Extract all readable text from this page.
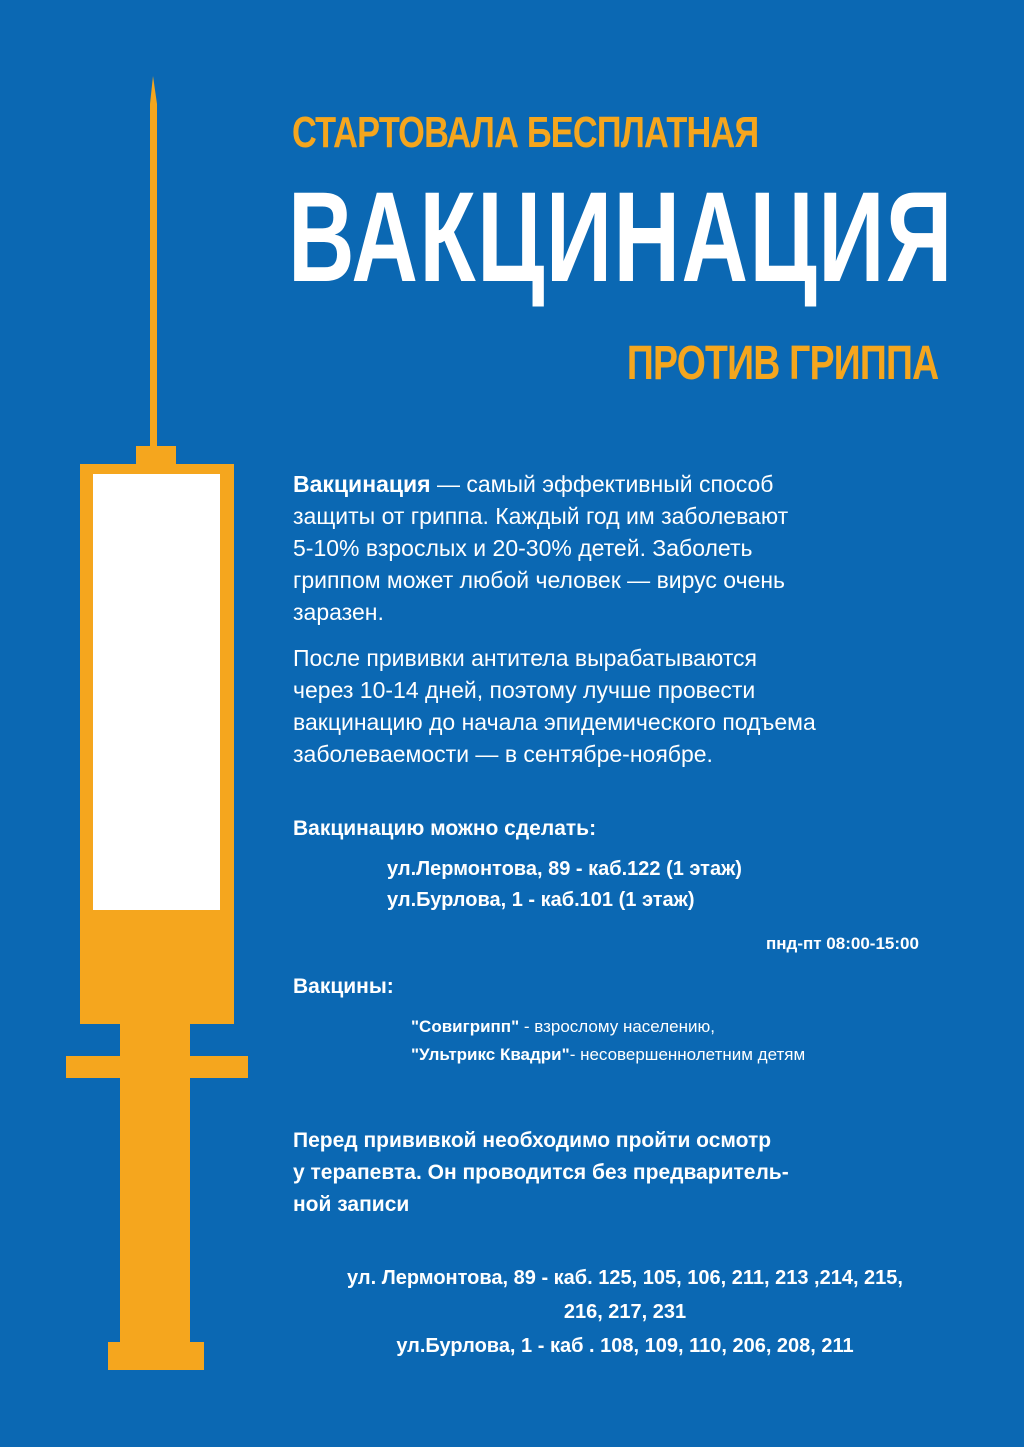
СТАРТОВАЛА БЕСПЛАТНАЯ
ВАКЦИНАЦИЯ
ПРОТИВ ГРИППА
Вакцинация — самый эффективный способ
защиты от гриппа. Каждый год им заболевают
5-10% взрослых и 20-30% детей. Заболеть
гриппом может любой человек — вирус очень
заразен.
После прививки антитела вырабатываются
через 10-14 дней, поэтому лучше провести
вакцинацию до начала эпидемического подъема
заболеваемости — в сентябре-ноябре.
Вакцинацию можно сделать:
ул.Лермонтова, 89 - каб.122 (1 этаж)
ул.Бурлова, 1 - каб.101 (1 этаж)
пнд-пт 08:00-15:00
Вакцины:
"Совигрипп" - взрослому населению,
"Ультрикс Квадри"- несовершеннолетним детям
Перед прививкой необходимо пройти осмотр
у терапевта. Он проводится без предваритель-
ной записи
ул. Лермонтова, 89 - каб. 125, 105, 106, 211, 213 ,214, 215,
216, 217, 231
ул.Бурлова, 1 - каб . 108, 109, 110, 206, 208, 211
